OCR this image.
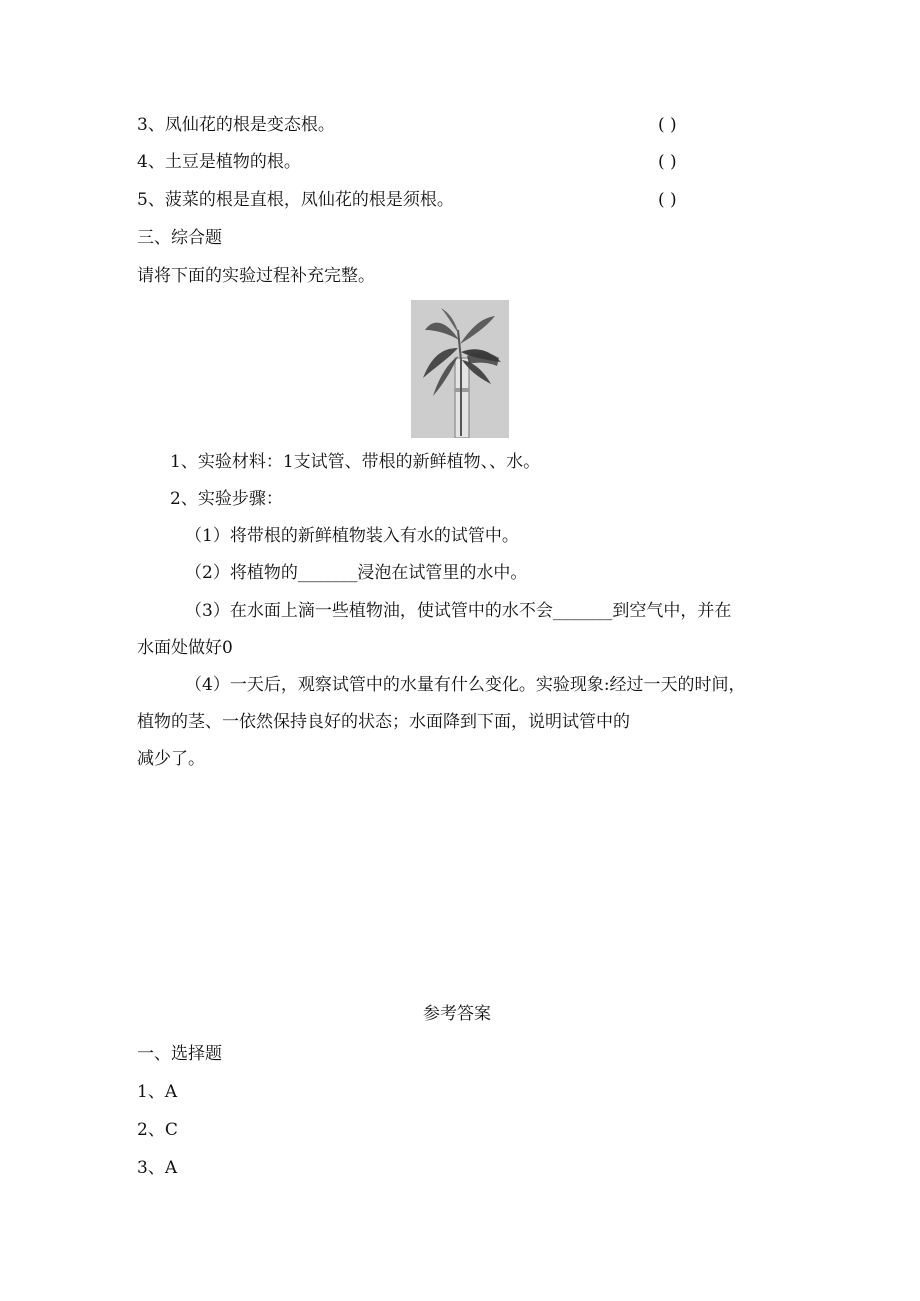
3、凤仙花的根是变态根。	( )
4、土豆是植物的根。	( )
5、菠菜的根是直根，凤仙花的根是须根。	( )
三、综合题
请将下面的实验过程补充完整。
1、实验材料：1支试管、带根的新鲜植物、、水。
2、实验步骤：
（1）将带根的新鲜植物装入有水的试管中。
（2）将植物的_______浸泡在试管里的水中。
（3）在水面上滴一些植物油，使试管中的水不会_______到空气中，并在
水面处做好0
（4）一天后，观察试管中的水量有什么变化。实验现象:经过一天的时间，
植物的茎、一依然保持良好的状态；水面降到下面，说明试管中的
减少了。
参考答案
一、选择题
1、A
2、C
3、A
